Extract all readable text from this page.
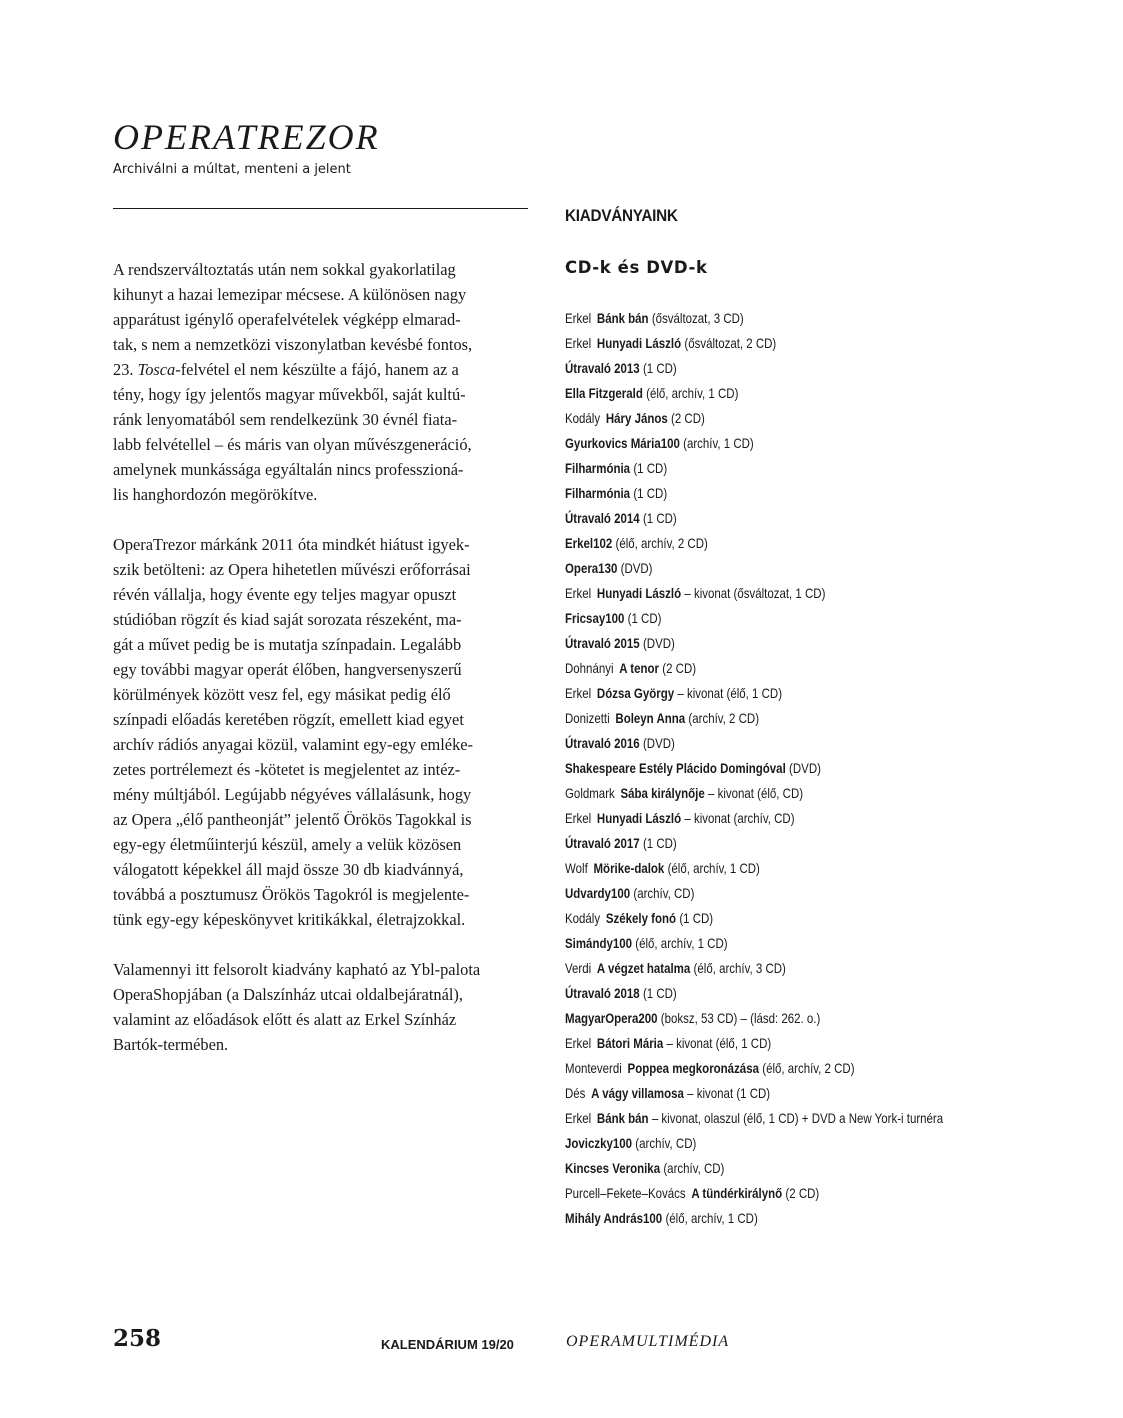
OPERATREZOR
Archiválni a múltat, menteni a jelent
A rendszerváltoztatás után nem sokkal gyakorlatilag
kihunyt a hazai lemezipar mécsese. A különösen nagy
apparátust igénylő operafelvételek végképp elmarad-
tak, s nem a nemzetközi viszonylatban kevésbé fontos,
23. Tosca-felvétel el nem készülte a fájó, hanem az a
tény, hogy így jelentős magyar művekből, saját kultú-
ránk lenyomatából sem rendelkezünk 30 évnél fiata-
labb felvétellel – és máris van olyan művészgeneráció,
amelynek munkássága egyáltalán nincs professzioná-
lis hanghordozón megörökítve.
OperaTrezor márkánk 2011 óta mindkét hiátust igyek-
szik betölteni: az Opera hihetetlen művészi erőforrásai
révén vállalja, hogy évente egy teljes magyar opuszt
stúdióban rögzít és kiad saját sorozata részeként, ma-
gát a művet pedig be is mutatja színpadain. Legalább
egy további magyar operát élőben, hangversenyszerű
körülmények között vesz fel, egy másikat pedig élő
színpadi előadás keretében rögzít, emellett kiad egyet
archív rádiós anyagai közül, valamint egy-egy emléke-
zetes portrélemezt és -kötetet is megjelentet az intéz-
mény múltjából. Legújabb négyéves vállalásunk, hogy
az Opera „élő pantheonját” jelentő Örökös Tagokkal is
egy-egy életműinterjú készül, amely a velük közösen
válogatott képekkel áll majd össze 30 db kiadvánnyá,
továbbá a posztumusz Örökös Tagokról is megjelente-
tünk egy-egy képeskönyvet kritikákkal, életrajzokkal.
Valamennyi itt felsorolt kiadvány kapható az Ybl-palota
OperaShopjában (a Dalszínház utcai oldalbejáratnál),
valamint az előadások előtt és alatt az Erkel Színház
Bartók-termében.
KIADVÁNYAINK
CD-k és DVD-k
Erkel Bánk bán (ősváltozat, 3 CD)
Erkel Hunyadi László (ősváltozat, 2 CD)
Útravaló 2013 (1 CD)
Ella Fitzgerald (élő, archív, 1 CD)
Kodály Háry János (2 CD)
Gyurkovics Mária100 (archív, 1 CD)
Filharmónia (1 CD)
Filharmónia (1 CD)
Útravaló 2014 (1 CD)
Erkel102 (élő, archív, 2 CD)
Opera130 (DVD)
Erkel Hunyadi László – kivonat (ősváltozat, 1 CD)
Fricsay100 (1 CD)
Útravaló 2015 (DVD)
Dohnányi A tenor (2 CD)
Erkel Dózsa György – kivonat (élő, 1 CD)
Donizetti Boleyn Anna (archív, 2 CD)
Útravaló 2016 (DVD)
Shakespeare Estély Plácido Domingóval (DVD)
Goldmark Sába királynője – kivonat (élő, CD)
Erkel Hunyadi László – kivonat (archív, CD)
Útravaló 2017 (1 CD)
Wolf Mörike-dalok (élő, archív, 1 CD)
Udvardy100 (archív, CD)
Kodály Székely fonó (1 CD)
Simándy100 (élő, archív, 1 CD)
Verdi A végzet hatalma (élő, archív, 3 CD)
Útravaló 2018 (1 CD)
MagyarOpera200 (boksz, 53 CD) – (lásd: 262. o.)
Erkel Bátori Mária – kivonat (élő, 1 CD)
Monteverdi Poppea megkoronázása (élő, archív, 2 CD)
Dés A vágy villamosa – kivonat (1 CD)
Erkel Bánk bán – kivonat, olaszul (élő, 1 CD) + DVD a New York-i turnéra
Joviczky100 (archív, CD)
Kincses Veronika (archív, CD)
Purcell–Fekete–Kovács A tündérkirálynő (2 CD)
Mihály András100 (élő, archív, 1 CD)
258	KALENDÁRIUM 19/20	OPERAMULTIMÉDIA
